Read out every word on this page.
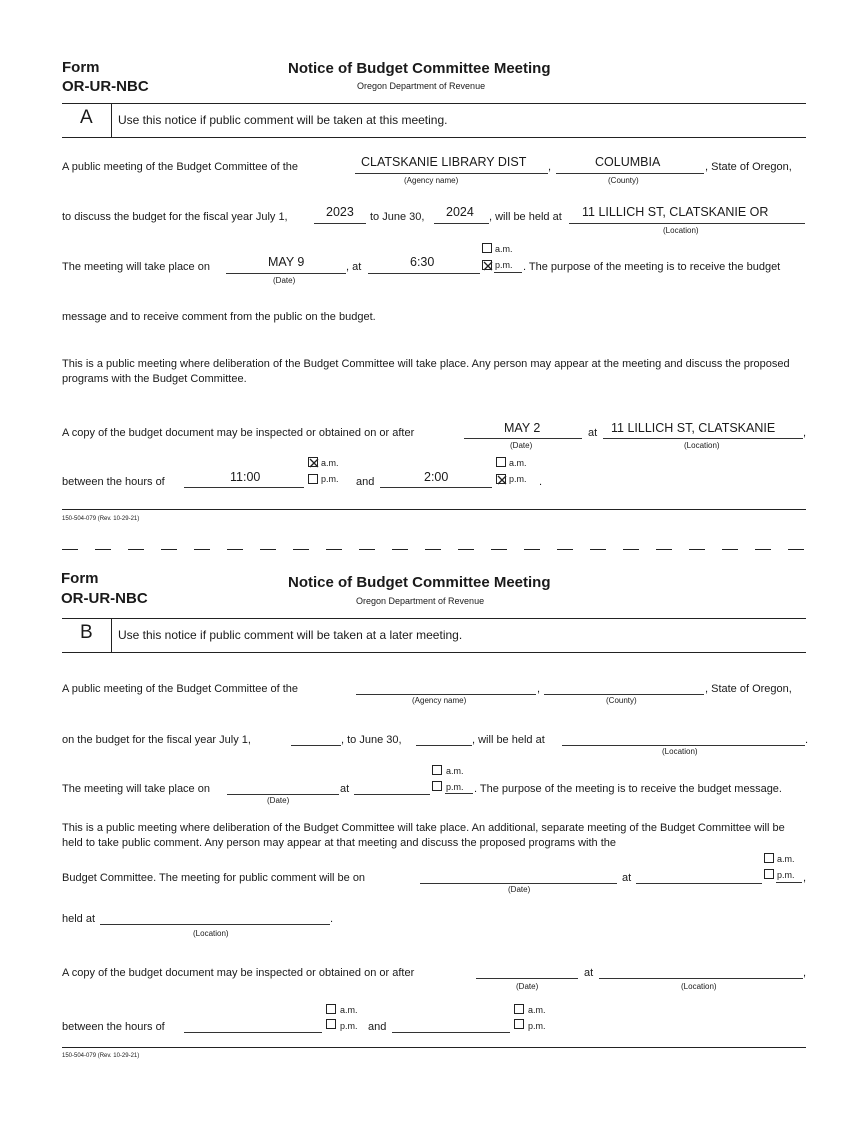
Form
OR-UR-NBC
Notice of Budget Committee Meeting
Oregon Department of Revenue
A Use this notice if public comment will be taken at this meeting.
A public meeting of the Budget Committee of the	CLATSKANIE LIBRARY DIST
(Agency name)
,	COLUMBIA
(County)
, State of Oregon,
to discuss the budget for the fiscal year July 1,	2023 to June 30, 2024 , will be held at 11 LILLICH ST, CLATSKANIE OR
(Location)
The meeting will take place on	MAY 9
(Date)
, at	6:30
a.m.
p.m. . The purpose of the meeting is to receive the budget
message and to receive comment from the public on the budget.
This is a public meeting where deliberation of the Budget Committee will take place. Any person may appear at the meeting and discuss the proposed programs with the Budget Committee.
A copy of the budget document may be inspected or obtained on or after	MAY 2
(Date)
at 11 LILLICH ST, CLATSKANIE
(Location)
,
between the hours of	11:00
a.m.
p.m. and	2:00
a.m.
p.m. .
150-504-079 (Rev. 10-29-21)
Form
OR-UR-NBC
Notice of Budget Committee Meeting
Oregon Department of Revenue
B Use this notice if public comment will be taken at a later meeting.
A public meeting of the Budget Committee of the
(Agency name)
,
(County)
, State of Oregon,
on the budget for the fiscal year July 1,	, to June 30,	, will be held at
(Location)
.
The meeting will take place on
(Date)
at
a.m.
p.m. . The purpose of the meeting is to receive the budget message.
This is a public meeting where deliberation of the Budget Committee will take place. An additional, separate meeting of the Budget Committee will be held to take public comment. Any person may appear at that meeting and discuss the proposed programs with the
Budget Committee. The meeting for public comment will be on
(Date)
at
a.m.
p.m. ,
held at
(Location)
.
A copy of the budget document may be inspected or obtained on or after
(Date)
at
(Location)
,
between the hours of
a.m.
p.m. and
a.m.
p.m.
150-504-079 (Rev. 10-29-21)
